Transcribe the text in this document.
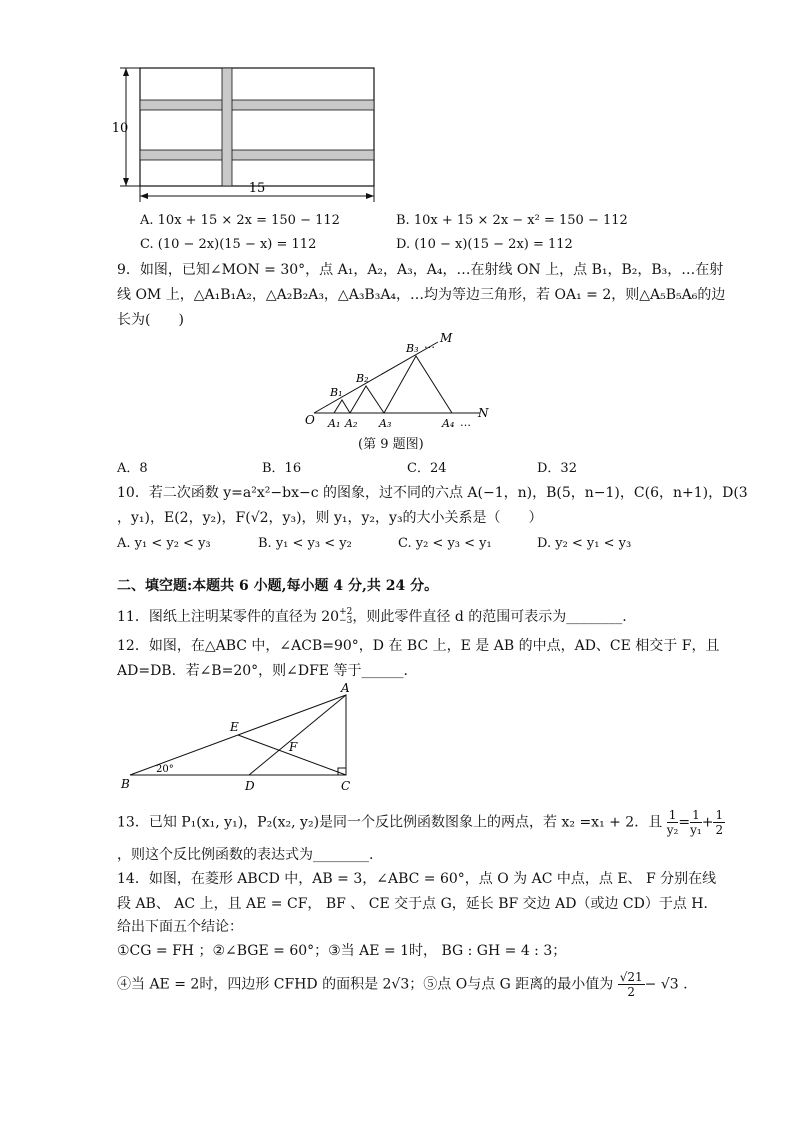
10
15
A. 10x + 15 × 2x = 150 − 112	B. 10x + 15 × 2x − x² = 150 − 112
C. (10 − 2x)(15 − x) = 112	D. (10 − x)(15 − 2x) = 112
9．如图，已知∠MON = 30°，点 A₁，A₂，A₃，A₄，…在射线 ON 上，点 B₁，B₂，B₃，…在射
线 OM 上，△A₁B₁A₂，△A₂B₂A₃，△A₃B₃A₄，…均为等边三角形，若 OA₁ = 2，则△A₅B₅A₆的边
长为(　　)
O A₁ A₂ A₃	A₄ …
N
B₁
B₂
B₃ … M
(第 9 题图)
A．8	B．16	C．24	D．32
10．若二次函数 y=a²x²−bx−c 的图象，过不同的六点 A(−1，n)，B(5，n−1)，C(6，n+1)，D(3
，y₁)，E(2，y₂)，F(√2，y₃)，则 y₁，y₂，y₃的大小关系是（　　）
A. y₁ < y₂ < y₃	B. y₁ < y₃ < y₂	C. y₂ < y₃ < y₁	D. y₂ < y₁ < y₃
二、填空题:本题共 6 小题,每小题 4 分,共 24 分。
11．图纸上注明某零件的直径为 20 +2
−3 ，则此零件直径 d 的范围可表示为________.
12．如图，在△ABC 中，∠ACB=90°，D 在 BC 上，E 是 AB 的中点，AD、CE 相交于 F，且
AD=DB．若∠B=20°，则∠DFE 等于______.
A
B	C
D
E
F
20°
13．已知 P₁(x₁, y₁)，P₂(x₂, y₂)是同一个反比例函数图象上的两点，若 x₂ =x₁ + 2．且 $\frac{1}{\text{y₂}} = \frac{1}{\text{y₁}} + \frac{1}{2}$
，则这个反比例函数的表达式为________.
14．如图，在菱形 ABCD 中，AB = 3，∠ABC = 60°，点 O 为 AC 中点，点 E、 F 分别在线
段 AB、 AC 上，且 AE = CF， BF 、 CE 交于点 G，延长 BF 交边 AD（或边 CD）于点 H．
给出下面五个结论：
①CG = FH ；②∠BGE = 60°；③当 AE = 1时， BG : GH = 4 : 3；
④当 AE = 2时，四边形 CFHD 的面积是 2√3；⑤点 O与点 G 距离的最小值为 $\frac{√21}{2} - √3$ .
